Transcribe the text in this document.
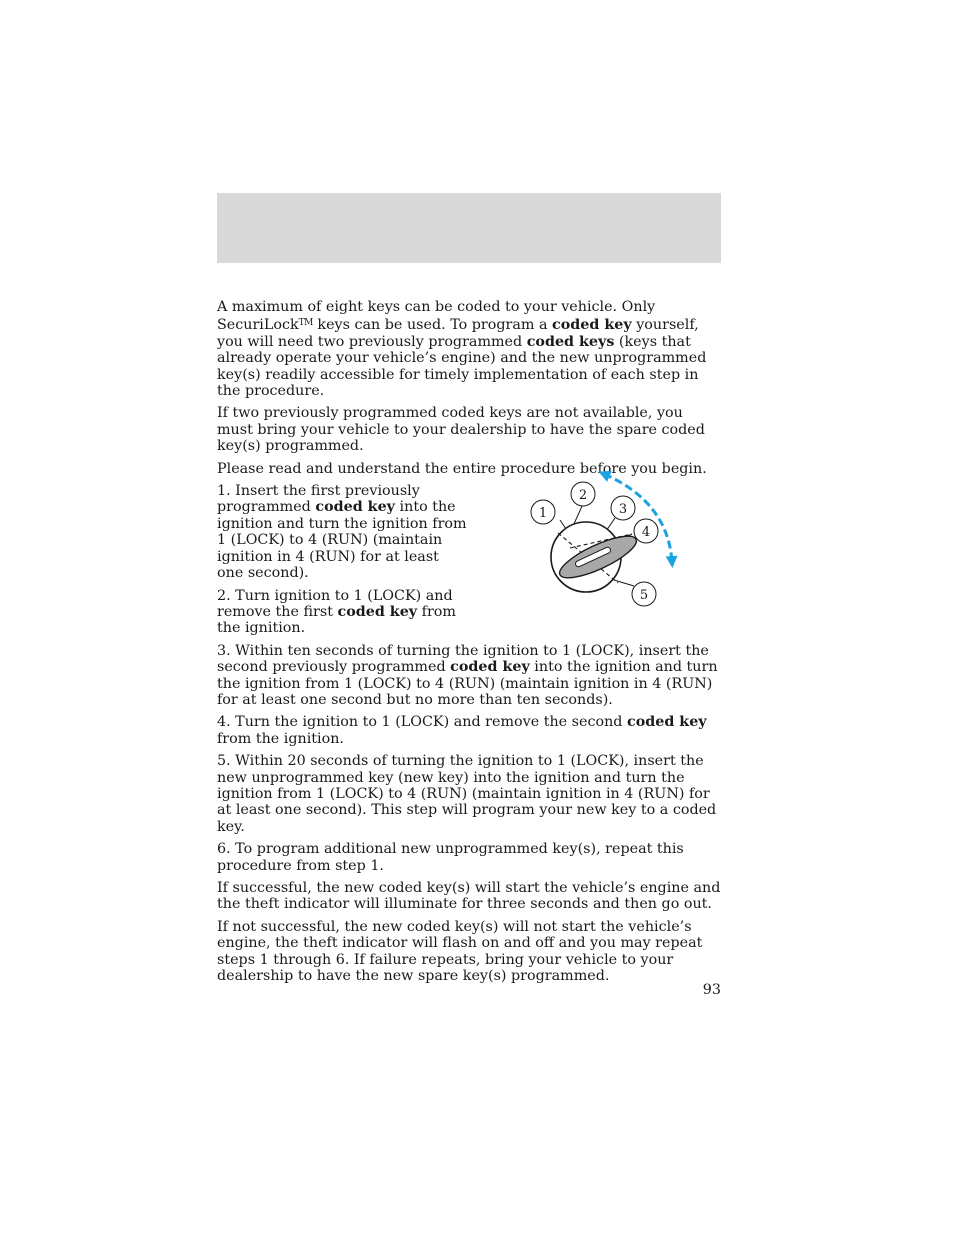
A maximum of eight keys can be coded to your vehicle. Only SecuriLock™ keys can be used. To program a coded key yourself, you will need two previously programmed coded keys (keys that already operate your vehicle’s engine) and the new unprogrammed key(s) readily accessible for timely implementation of each step in the procedure.

If two previously programmed coded keys are not available, you must bring your vehicle to your dealership to have the spare coded key(s) programmed.

Please read and understand the entire procedure before you begin.

1. Insert the first previously programmed coded key into the ignition and turn the ignition from 1 (LOCK) to 4 (RUN) (maintain ignition in 4 (RUN) for at least one second).

2. Turn ignition to 1 (LOCK) and remove the first coded key from the ignition.

3. Within ten seconds of turning the ignition to 1 (LOCK), insert the second previously programmed coded key into the ignition and turn the ignition from 1 (LOCK) to 4 (RUN) (maintain ignition in 4 (RUN) for at least one second but no more than ten seconds).

4. Turn the ignition to 1 (LOCK) and remove the second coded key from the ignition.

5. Within 20 seconds of turning the ignition to 1 (LOCK), insert the new unprogrammed key (new key) into the ignition and turn the ignition from 1 (LOCK) to 4 (RUN) (maintain ignition in 4 (RUN) for at least one second). This step will program your new key to a coded key.

6. To program additional new unprogrammed key(s), repeat this procedure from step 1.

If successful, the new coded key(s) will start the vehicle’s engine and the theft indicator will illuminate for three seconds and then go out.

If not successful, the new coded key(s) will not start the vehicle’s engine, the theft indicator will flash on and off and you may repeat steps 1 through 6. If failure repeats, bring your vehicle to your dealership to have the new spare key(s) programmed.

1
2
3
4
5
93
